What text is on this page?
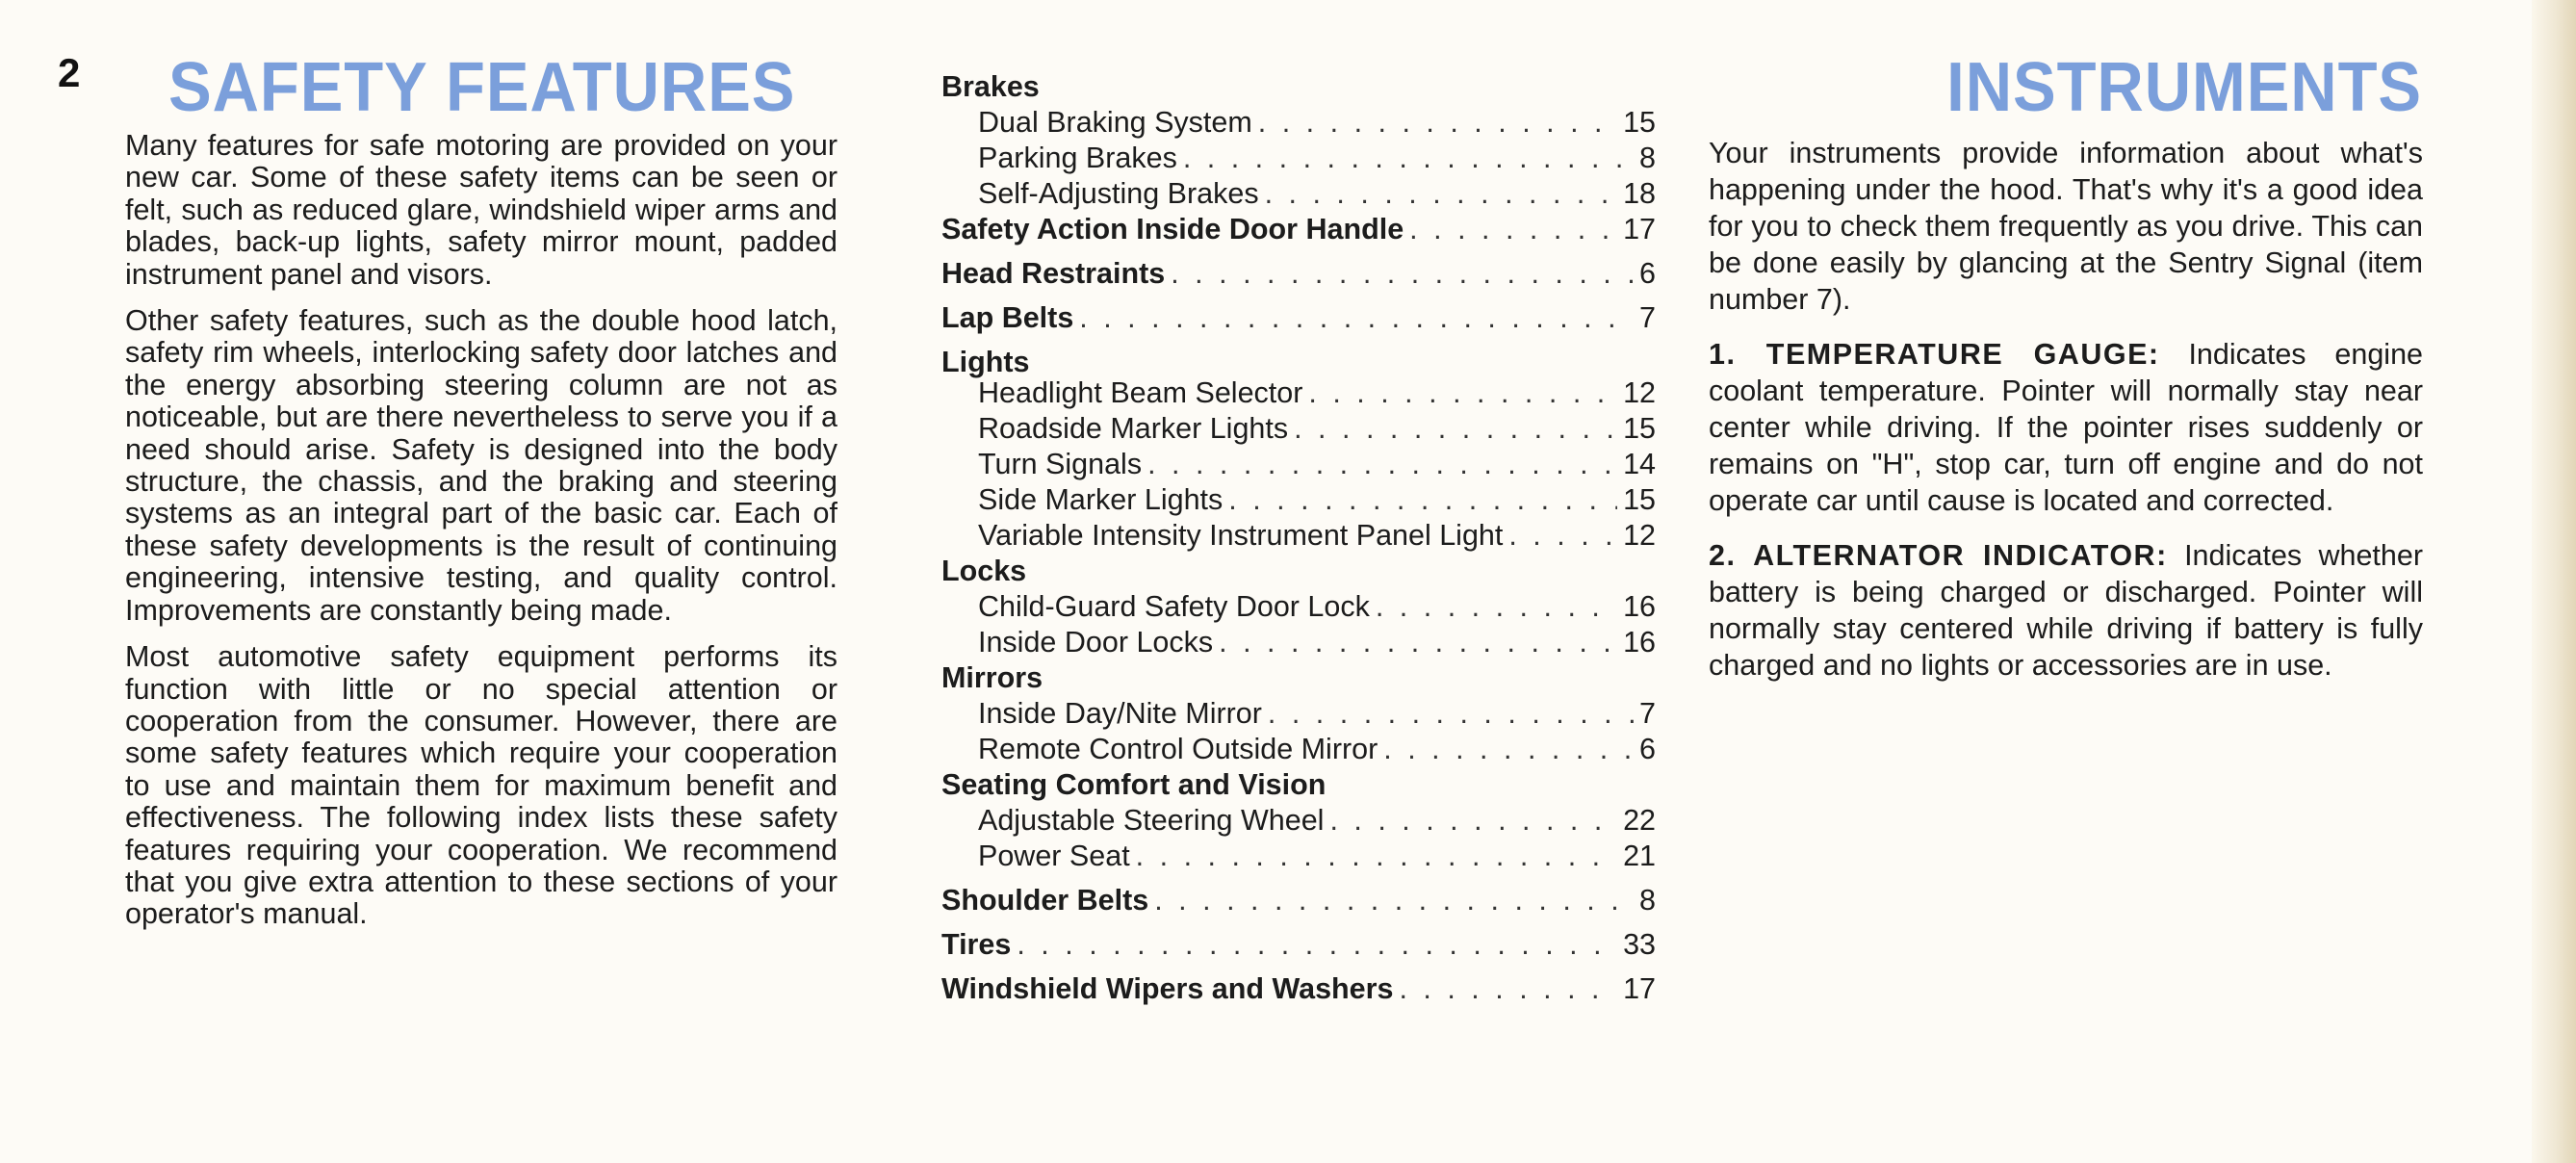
2 SAFETY FEATURES

Many features for safe motoring are provided on your new car. Some of these safety items can be seen or felt, such as reduced glare, windshield wiper arms and blades, back-up lights, safety mirror mount, padded instrument panel and visors.

Other safety features, such as the double hood latch, safety rim wheels, interlocking safety door latches and the energy absorbing steering column are not as noticeable, but are there nevertheless to serve you if a need should arise. Safety is designed into the body structure, the chassis, and the braking and steering systems as an integral part of the basic car. Each of these safety developments is the result of continuing engineering, intensive testing, and quality control. Improvements are constantly being made.

Most automotive safety equipment performs its function with little or no special attention or cooperation from the consumer. However, there are some safety features which require your cooperation to use and maintain them for maximum benefit and effectiveness. The following index lists these safety features requiring your cooperation. We recommend that you give extra attention to these sections of your operator's manual.

Brakes
Dual Braking System . . .	15
Parking Brakes . . .	8
Self-Adjusting Brakes . . .	18
Safety Action Inside Door Handle . . .	17
Head Restraints . . .	6
Lap Belts . . .	7
Lights
Headlight Beam Selector . . .	12
Roadside Marker Lights . . .	15
Turn Signals . . .	14
Side Marker Lights . . .	15
Variable Intensity Instrument Panel Light . . .	12
Locks
Child-Guard Safety Door Lock . . .	16
Inside Door Locks . . .	16
Mirrors
Inside Day/Nite Mirror . . .	7
Remote Control Outside Mirror . . .	6
Seating Comfort and Vision
Adjustable Steering Wheel . . .	22
Power Seat . . .	21
Shoulder Belts . . .	8
Tires . . .	33
Windshield Wipers and Washers . . .	17
INSTRUMENTS

Your instruments provide information about what's happening under the hood. That's why it's a good idea for you to check them frequently as you drive. This can be done easily by glancing at the Sentry Signal (item number 7).

1. TEMPERATURE GAUGE: Indicates engine coolant temperature. Pointer will normally stay near center while driving. If the pointer rises suddenly or remains on "H", stop car, turn off engine and do not operate car until cause is located and corrected.

2. ALTERNATOR INDICATOR: Indicates whether battery is being charged or discharged. Pointer will normally stay centered while driving if battery is fully charged and no lights or accessories are in use.
